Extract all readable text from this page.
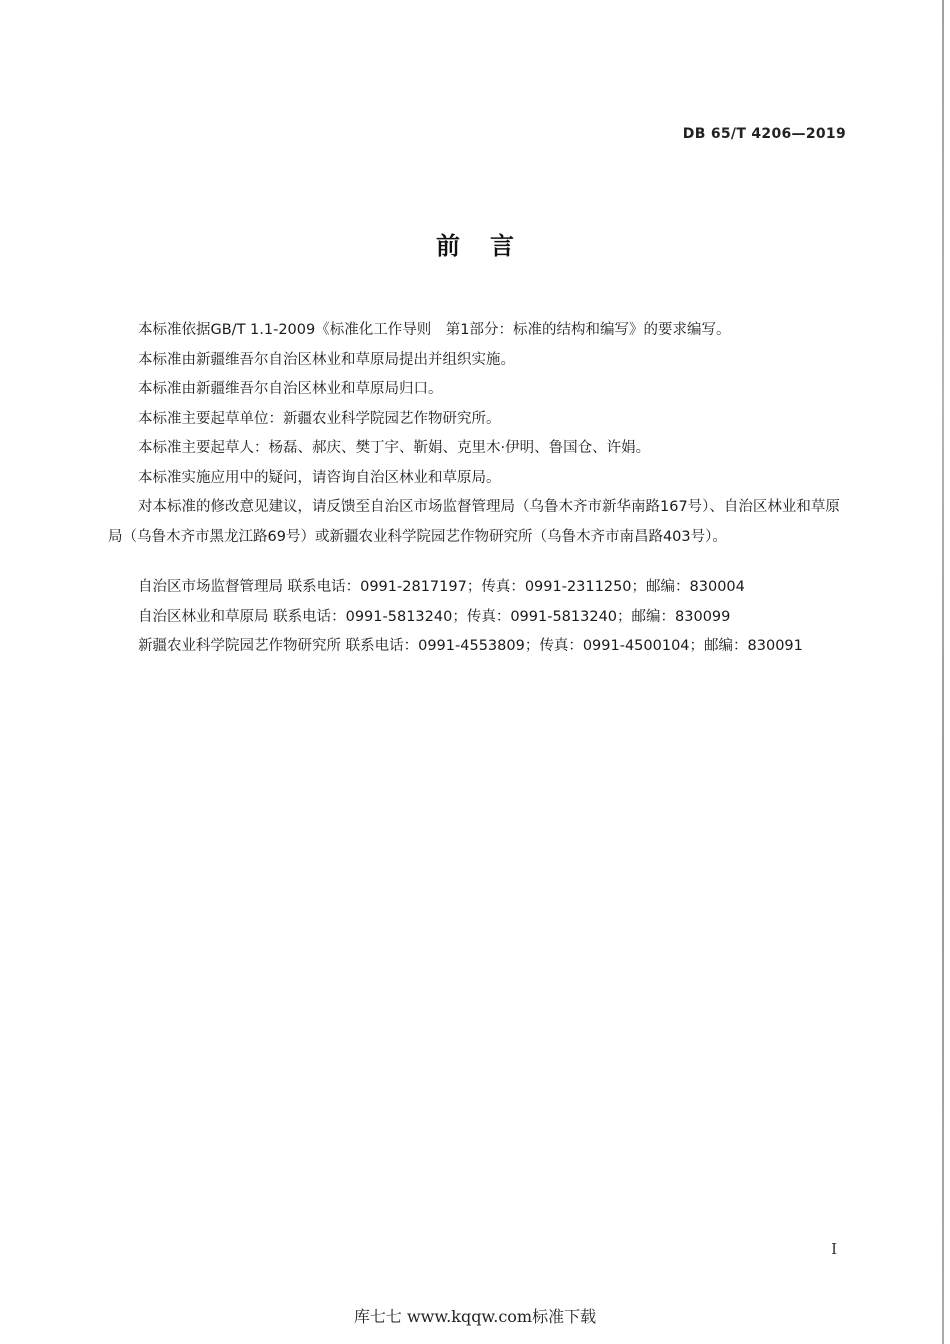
DB 65/T 4206—2019
前言

本标准依据GB/T 1.1-2009《标准化工作导则　第1部分：标准的结构和编写》的要求编写。

本标准由新疆维吾尔自治区林业和草原局提出并组织实施。

本标准由新疆维吾尔自治区林业和草原局归口。

本标准主要起草单位：新疆农业科学院园艺作物研究所。

本标准主要起草人：杨磊、郝庆、樊丁宇、靳娟、克里木·伊明、鲁国仓、许娟。

本标准实施应用中的疑问，请咨询自治区林业和草原局。

对本标准的修改意见建议，请反馈至自治区市场监督管理局（乌鲁木齐市新华南路167号）、自治区林业和草原局（乌鲁木齐市黑龙江路69号）或新疆农业科学院园艺作物研究所（乌鲁木齐市南昌路403号）。

自治区市场监督管理局 联系电话：0991-2817197；传真：0991-2311250；邮编：830004
自治区林业和草原局 联系电话：0991-5813240；传真：0991-5813240；邮编：830099
新疆农业科学院园艺作物研究所 联系电话：0991-4553809；传真：0991-4500104；邮编：830091
I
库七七 www.kqqw.com标准下载
